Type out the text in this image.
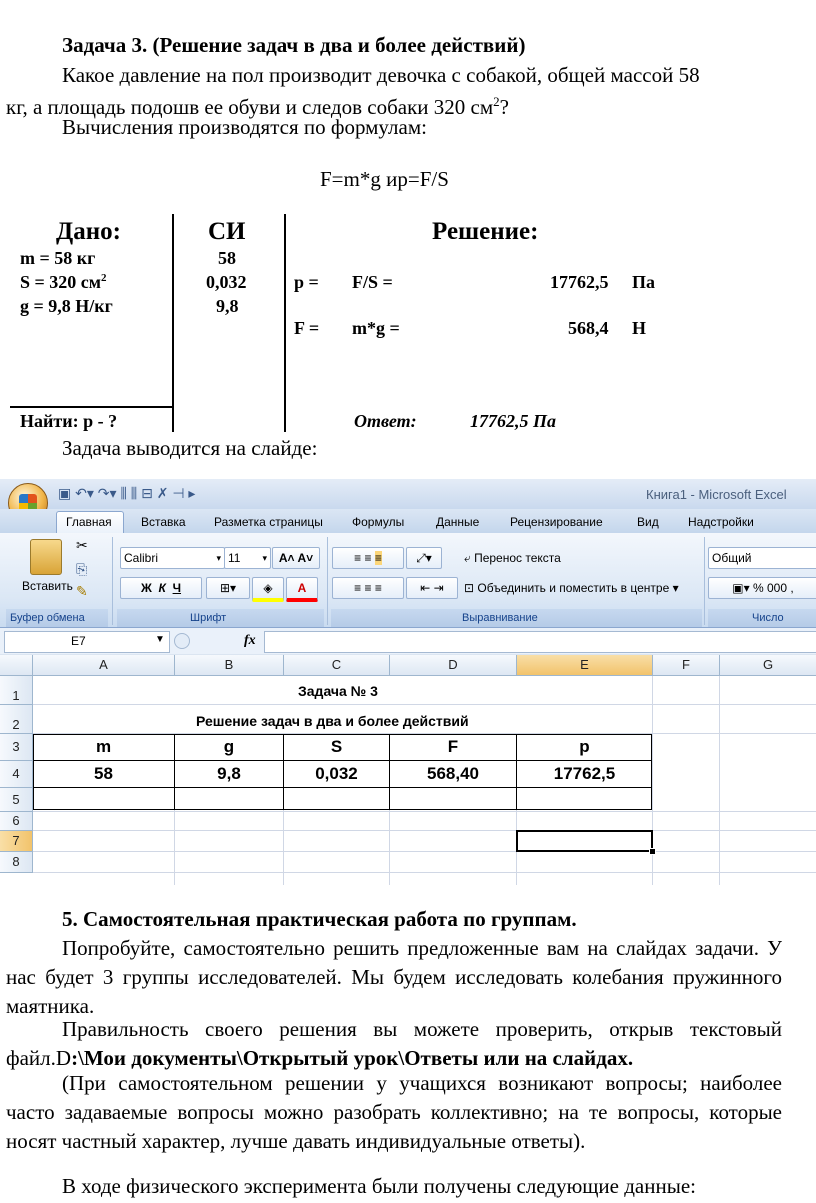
Задача 3. (Решение задач в два и более действий)
Какое давление на пол производит девочка с собакой, общей массой 58
кг, а площадь подошв ее обуви и следов собаки 320 $см^2$?
Вычисления производятся по формулам:
F=m*g ир=F/S
Дано:	СИ	Решение:
m = 58 кг
S = 320 $см^2$
g = 9,8 Н/кг
58
0,032
9,8
p = F/S =	17762,5 Па
F = m*g =	568,4 Н
Найти: р - ?	Ответ:	17762,5 Па
Задача выводится на слайде:
▣ ↶▾ ↷▾ ⫼ ⫼ ⊟ ✗ ⊣ ▸	Книга1 - Microsoft Excel
Главная Вставка Разметка страницы Формулы	Данные	Рецензирование	Вид Надстройки
✂
⎘
✎
Вставить
Буфер обмена
Calibri	▾ 11 ▾ A˄ A˅
Ж К Ч	⊞▾	◈	A
Шрифт
≡ ≡ ≡	⤢▾
≡ ≡ ≡	⇤ ⇥
⤶ Перенос текста
⊡ Объединить и поместить в центре ▾
Выравнивание
Общий
▣▾ % 000 ,
Число
E7	▼	fx
A	B	C	D	E	F	G
1
2
3
4
5
6
7
8
Задача № 3
Решение задач в два и более действий
m	g	S	F	p
58	9,8	0,032	568,40	17762,5
5. Самостоятельная практическая работа по группам.
Попробуйте, самостоятельно решить предложенные вам на слайдах задачи. У нас будет 3 группы исследователей. Мы будем исследовать колебания пружинного маятника.
Правильность своего решения вы можете проверить, открыв текстовый файл.D:\Мои документы\Открытый урок\Ответы или на слайдах.
(При самостоятельном решении у учащихся возникают вопросы; наиболее часто задаваемые вопросы можно разобрать коллективно; на те вопросы, которые носят частный характер, лучше давать индивидуальные ответы).
В ходе физического эксперимента были получены следующие данные:
